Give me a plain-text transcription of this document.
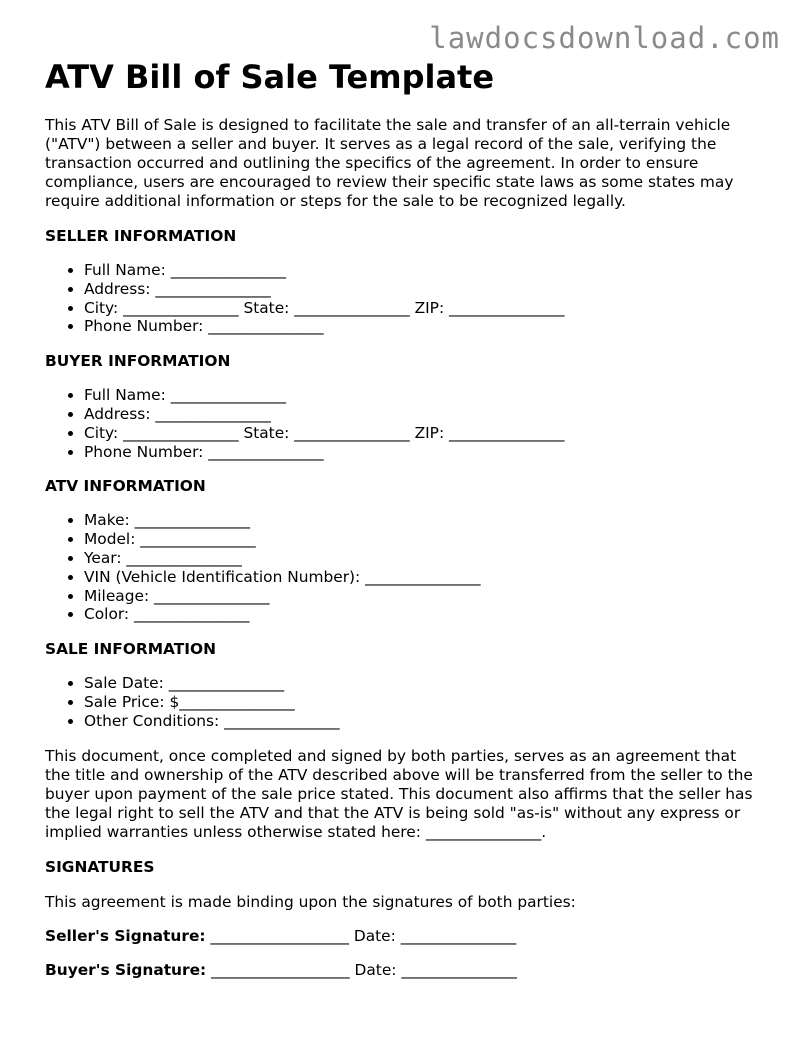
lawdocsdownload.com
ATV Bill of Sale Template

This ATV Bill of Sale is designed to facilitate the sale and transfer of an all-terrain vehicle ("ATV") between a seller and buyer. It serves as a legal record of the sale, verifying the transaction occurred and outlining the specifics of the agreement. In order to ensure compliance, users are encouraged to review their specific state laws as some states may require additional information or steps for the sale to be recognized legally.

SELLER INFORMATION
• Full Name: _______________
• Address: _______________
• City: _______________ State: _______________ ZIP: _______________
• Phone Number: _______________
BUYER INFORMATION
• Full Name: _______________
• Address: _______________
• City: _______________ State: _______________ ZIP: _______________
• Phone Number: _______________
ATV INFORMATION
• Make: _______________
• Model: _______________
• Year: _______________
• VIN (Vehicle Identification Number): _______________
• Mileage: _______________
• Color: _______________
SALE INFORMATION
• Sale Date: _______________
• Sale Price: $_______________
• Other Conditions: _______________

This document, once completed and signed by both parties, serves as an agreement that the title and ownership of the ATV described above will be transferred from the seller to the buyer upon payment of the sale price stated. This document also affirms that the seller has the legal right to sell the ATV and that the ATV is being sold "as-is" without any express or implied warranties unless otherwise stated here: _______________.

SIGNATURES

This agreement is made binding upon the signatures of both parties:

Seller's Signature: __________________ Date: _______________
Buyer's Signature: __________________ Date: _______________
